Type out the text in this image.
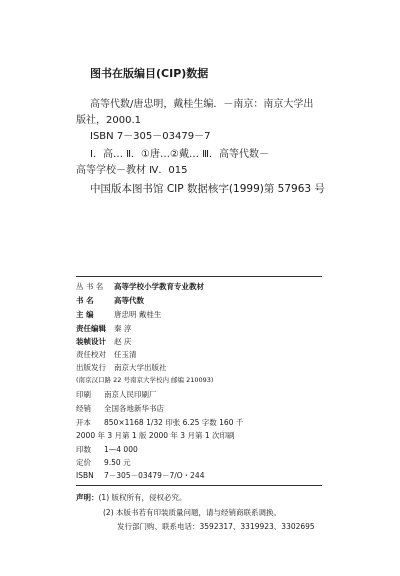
图书在版编目(CIP)数据
高等代数/唐忠明，戴桂生编．－南京：南京大学出
版社，2000.1
ISBN 7－305－03479－7
Ⅰ．高… Ⅱ．①唐…②戴… Ⅲ．高等代数－
高等学校－教材 Ⅳ．015
中国版本图书馆 CIP 数据核字(1999)第 57963 号
丛 书 名 高等学校小学教育专业教材
书 名	高等代数
主 编	唐忠明 戴桂生
责任编辑 秦 淳
装帧设计 赵 庆
责任校对 任玉清
出版发行 南京大学出版社
(南京汉口路 22 号南京大学校内 邮编 210093)
印刷 南京人民印刷厂
经销 全国各地新华书店
开本 850×1168 1/32 印张 6.25 字数 160 千
2000 年 3 月第 1 版 2000 年 3 月第 1 次印刷
印数 1—4 000
定价 9.50 元
ISBN 7－305－03479－7/O・244
声明：(1) 版权所有，侵权必究。
(2) 本版书若有印装质量问题，请与经销商联系调换。
发行部门购、联系电话：3592317、3319923、3302695
